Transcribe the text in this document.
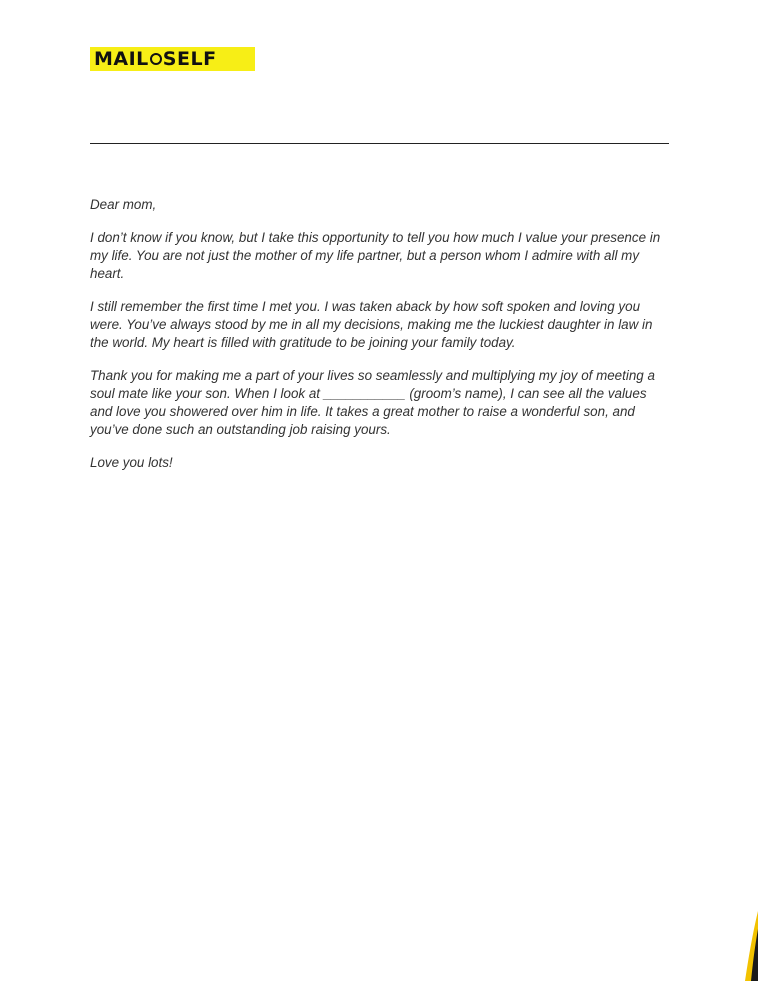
MAIL SELF

Dear mom,

I don’t know if you know, but I take this opportunity to tell you how much I value your presence in my life. You are not just the mother of my life partner, but a person whom I admire with all my heart.

I still remember the first time I met you. I was taken aback by how soft spoken and loving you were. You’ve always stood by me in all my decisions, making me the luckiest daughter in law in the world. My heart is filled with gratitude to be joining your family today.

Thank you for making me a part of your lives so seamlessly and multiplying my joy of meeting a soul mate like your son. When I look at ___________ (groom’s name), I can see all the values and love you showered over him in life. It takes a great mother to raise a wonderful son, and you’ve done such an outstanding job raising yours.

Love you lots!
